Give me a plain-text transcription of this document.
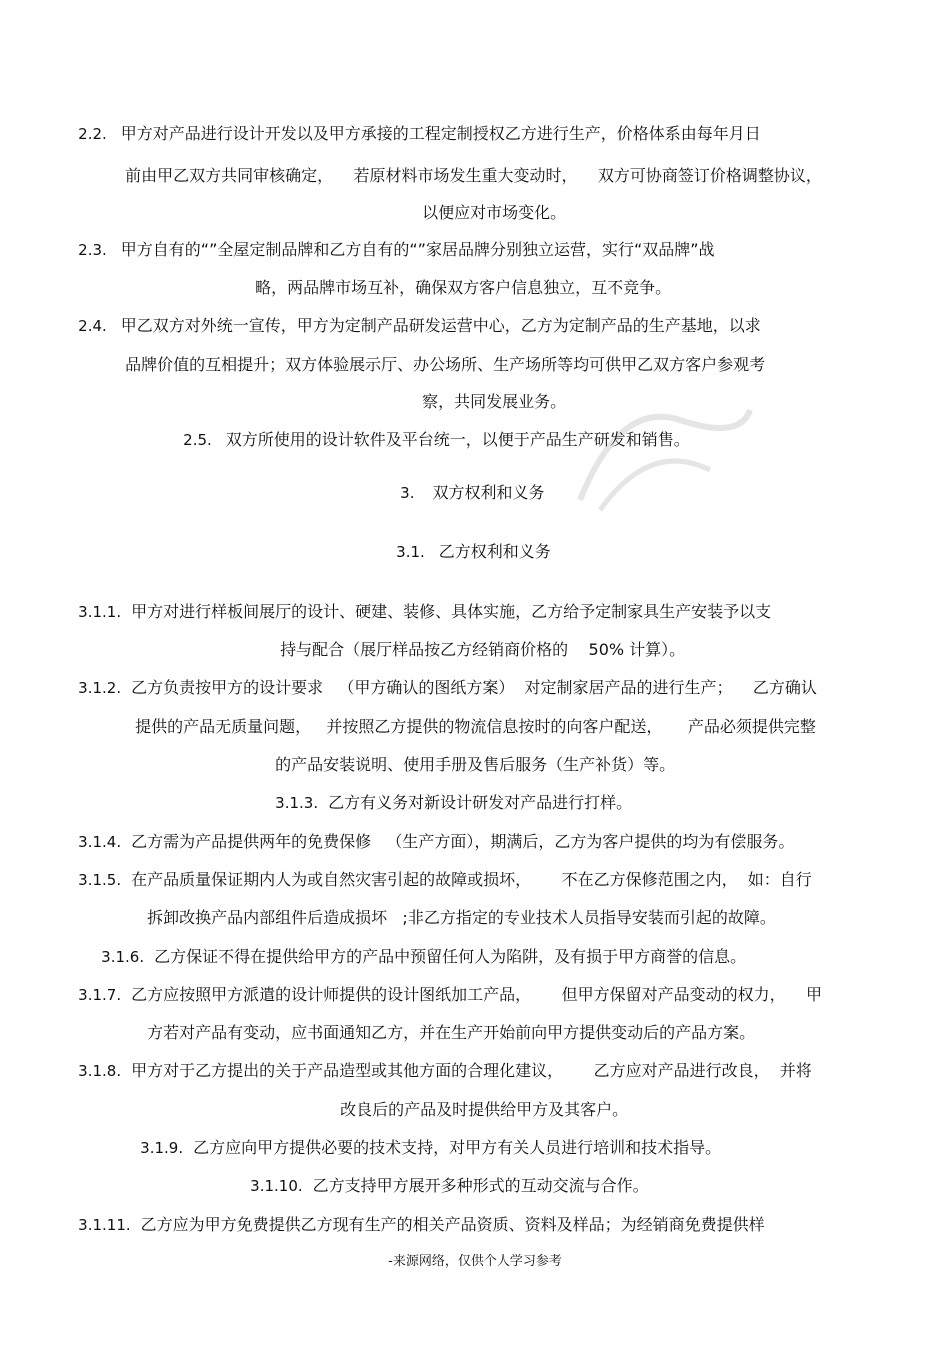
2.2. 甲方对产品进行设计开发以及甲方承接的工程定制授权乙方进行生产，价格体系由每年月日

前由甲乙双方共同审核确定，    若原材料市场发生重大变动时，    双方可协商签订价格调整协议，

以便应对市场变化。

2.3. 甲方自有的“”全屋定制品牌和乙方自有的“”家居品牌分别独立运营，实行“双品牌”战

略，两品牌市场互补，确保双方客户信息独立，互不竞争。

2.4. 甲乙双方对外统一宣传，甲方为定制产品研发运营中心，乙方为定制产品的生产基地，以求

品牌价值的互相提升；双方体验展示厅、办公场所、生产场所等均可供甲乙双方客户参观考

察，共同发展业务。

2.5. 双方所使用的设计软件及平台统一，以便于产品生产研发和销售。

3. 双方权利和义务

3.1. 乙方权利和义务

3.1.1. 甲方对进行样板间展厅的设计、硬建、装修、具体实施，乙方给予定制家具生产安装予以支

持与配合（展厅样品按乙方经销商价格的    50% 计算）。

3.1.2. 乙方负责按甲方的设计要求   （甲方确认的图纸方案）  对定制家居产品的进行生产；    乙方确认

提供的产品无质量问题，   并按照乙方提供的物流信息按时的向客户配送，     产品必须提供完整

的产品安装说明、使用手册及售后服务（生产补货）等。

3.1.3. 乙方有义务对新设计研发对产品进行打样。

3.1.4. 乙方需为产品提供两年的免费保修   （生产方面），期满后，乙方为客户提供的均为有偿服务。

3.1.5. 在产品质量保证期内人为或自然灾害引起的故障或损坏，      不在乙方保修范围之内，  如：自行

拆卸改换产品内部组件后造成损坏   ;非乙方指定的专业技术人员指导安装而引起的故障。

3.1.6. 乙方保证不得在提供给甲方的产品中预留任何人为陷阱，及有损于甲方商誉的信息。

3.1.7. 乙方应按照甲方派遣的设计师提供的设计图纸加工产品，      但甲方保留对产品变动的权力，    甲

方若对产品有变动，应书面通知乙方，并在生产开始前向甲方提供变动后的产品方案。

3.1.8. 甲方对于乙方提出的关于产品造型或其他方面的合理化建议，      乙方应对产品进行改良，  并将

改良后的产品及时提供给甲方及其客户。

3.1.9. 乙方应向甲方提供必要的技术支持，对甲方有关人员进行培训和技术指导。

3.1.10. 乙方支持甲方展开多种形式的互动交流与合作。

3.1.11. 乙方应为甲方免费提供乙方现有生产的相关产品资质、资料及样品；为经销商免费提供样

-来源网络，仅供个人学习参考
